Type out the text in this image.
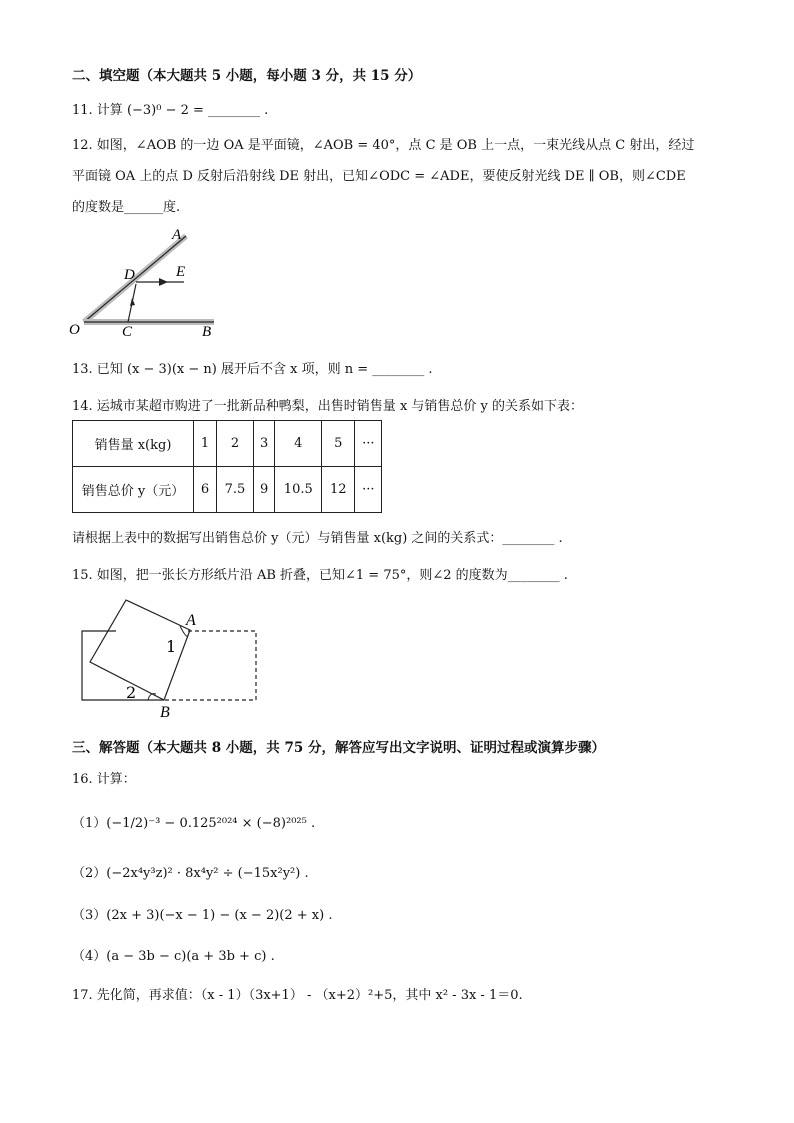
二、填空题（本大题共 5 小题，每小题 3 分，共 15 分）
11. 计算 (−3)⁰ − 2 = ________ .
12. 如图，∠AOB 的一边 OA 是平面镜，∠AOB = 40°，点 C 是 OB 上一点，一束光线从点 C 射出，经过
平面镜 OA 上的点 D 反射后沿射线 DE 射出，已知∠ODC = ∠ADE，要使反射光线 DE ∥ OB，则∠CDE
的度数是______度.
A
D	E
O	C	B
13. 已知 (x − 3)(x − n) 展开后不含 x 项，则 n = ________ .
14. 运城市某超市购进了一批新品种鸭梨，出售时销售量 x 与销售总价 y 的关系如下表：
销售量 x(kg)	1	2	3	4	5	···
销售总价 y（元）	6	7.5	9	10.5	12	···
请根据上表中的数据写出销售总价 y（元）与销售量 x(kg) 之间的关系式：________ .
15. 如图，把一张长方形纸片沿 AB 折叠，已知∠1 = 75°，则∠2 的度数为________ .
A
B
1
2
三、解答题（本大题共 8 小题，共 75 分，解答应写出文字说明、证明过程或演算步骤）
16. 计算：
（1）(−1/2)⁻³ − 0.125²⁰²⁴ × (−8)²⁰²⁵ .
（2）(−2x⁴y³z)² · 8x⁴y² ÷ (−15x²y²) .
（3）(2x + 3)(−x − 1) − (x − 2)(2 + x) .
（4）(a − 3b − c)(a + 3b + c) .
17. 先化简，再求值：（x - 1）（3x+1） - （x+2）²+5，其中 x² - 3x - 1＝0.
